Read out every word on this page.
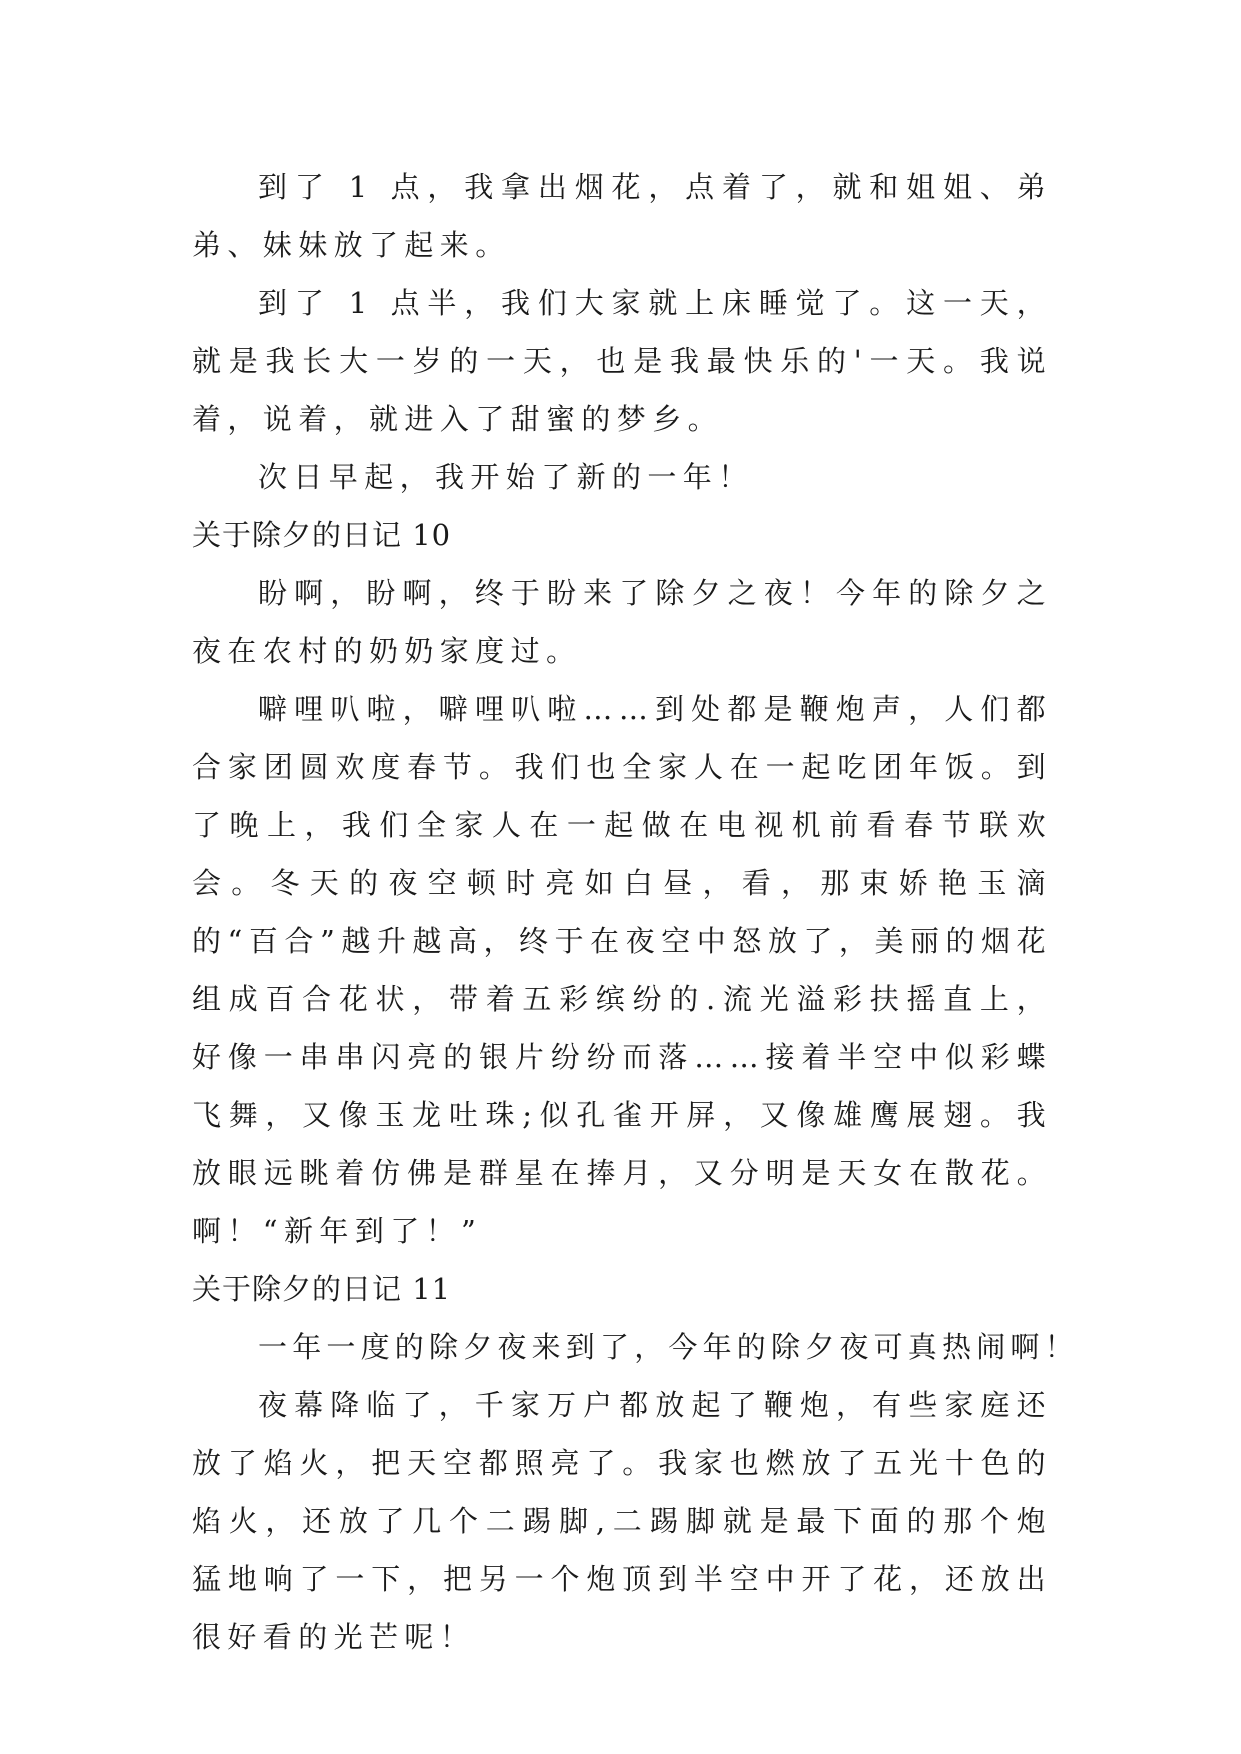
到了 1 点，我拿出烟花，点着了，就和姐姐、弟弟、妹妹放了起来。

到了 1 点半，我们大家就上床睡觉了。这一天，就是我长大一岁的一天，也是我最快乐的'一天。我说着，说着，就进入了甜蜜的梦乡。

次日早起，我开始了新的一年！

关于除夕的日记 10

盼啊，盼啊，终于盼来了除夕之夜！今年的除夕之夜在农村的奶奶家度过。

噼哩叭啦，噼哩叭啦……到处都是鞭炮声，人们都合家团圆欢度春节。我们也全家人在一起吃团年饭。到了晚上，我们全家人在一起做在电视机前看春节联欢会。冬天的夜空顿时亮如白昼，看，那束娇艳玉滴的“百合”越升越高，终于在夜空中怒放了，美丽的烟花组成百合花状，带着五彩缤纷的.流光溢彩扶摇直上，好像一串串闪亮的银片纷纷而落……接着半空中似彩蝶飞舞，又像玉龙吐珠;似孔雀开屏，又像雄鹰展翅。我放眼远眺着仿佛是群星在捧月，又分明是天女在散花。啊！“新年到了！”

关于除夕的日记 11

一年一度的除夕夜来到了，今年的除夕夜可真热闹啊！

夜幕降临了，千家万户都放起了鞭炮，有些家庭还放了焰火，把天空都照亮了。我家也燃放了五光十色的焰火，还放了几个二踢脚,二踢脚就是最下面的那个炮猛地响了一下，把另一个炮顶到半空中开了花，还放出很好看的光芒呢！
